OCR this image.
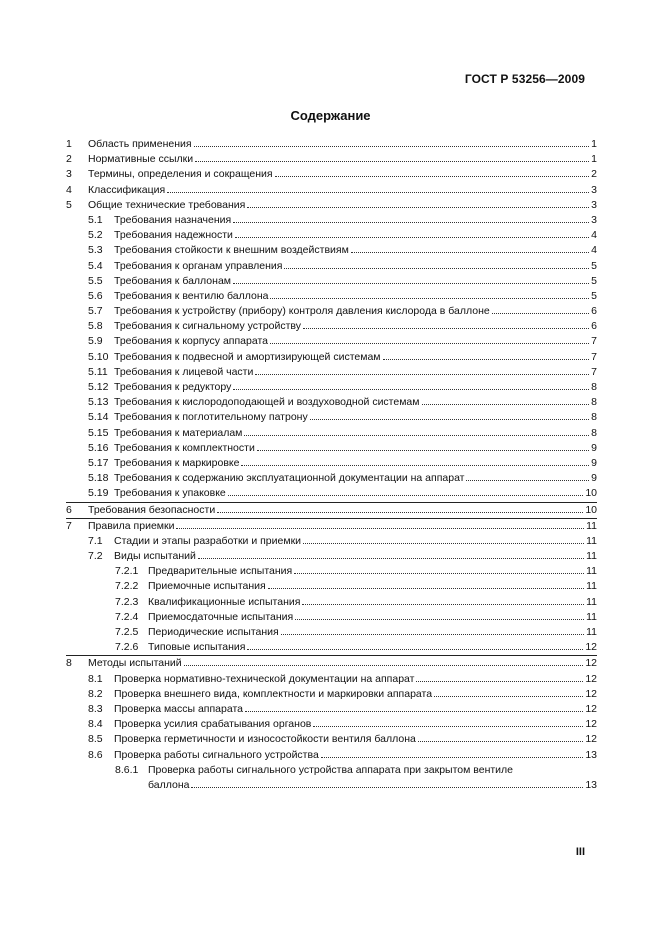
ГОСТ Р 53256—2009
Содержание
1 Область применения	1
2 Нормативные ссылки	1
3 Термины, определения и сокращения	2
4 Классификация	3
5 Общие технические требования	3
5.1 Требования назначения	3
5.2 Требования надежности	4
5.3 Требования стойкости к внешним воздействиям	4
5.4 Требования к органам управления	5
5.5 Требования к баллонам	5
5.6 Требования к вентилю баллона	5
5.7 Требования к устройству (прибору) контроля давления кислорода в баллоне	6
5.8 Требования к сигнальному устройству	6
5.9 Требования к корпусу аппарата	7
5.10 Требования к подвесной и амортизирующей системам	7
5.11 Требования к лицевой части	7
5.12 Требования к редуктору	8
5.13 Требования к кислородоподающей и воздуховодной системам	8
5.14 Требования к поглотительному патрону	8
5.15 Требования к материалам	8
5.16 Требования к комплектности	9
5.17 Требования к маркировке	9
5.18 Требования к содержанию эксплуатационной документации на аппарат	9
5.19 Требования к упаковке	10
6 Требования безопасности	10
7 Правила приемки	11
7.1 Стадии и этапы разработки и приемки	11
7.2 Виды испытаний	11
7.2.1 Предварительные испытания	11
7.2.2 Приемочные испытания	11
7.2.3 Квалификационные испытания	11
7.2.4 Приемосдаточные испытания	11
7.2.5 Периодические испытания	11
7.2.6 Типовые испытания	12
8 Методы испытаний	12
8.1 Проверка нормативно-технической документации на аппарат	12
8.2 Проверка внешнего вида, комплектности и маркировки аппарата	12
8.3 Проверка массы аппарата	12
8.4 Проверка усилия срабатывания органов	12
8.5 Проверка герметичности и износостойкости вентиля баллона	12
8.6 Проверка работы сигнального устройства	13
8.6.1 Проверка работы сигнального устройства аппарата при закрытом вентиле
баллона	13
III
